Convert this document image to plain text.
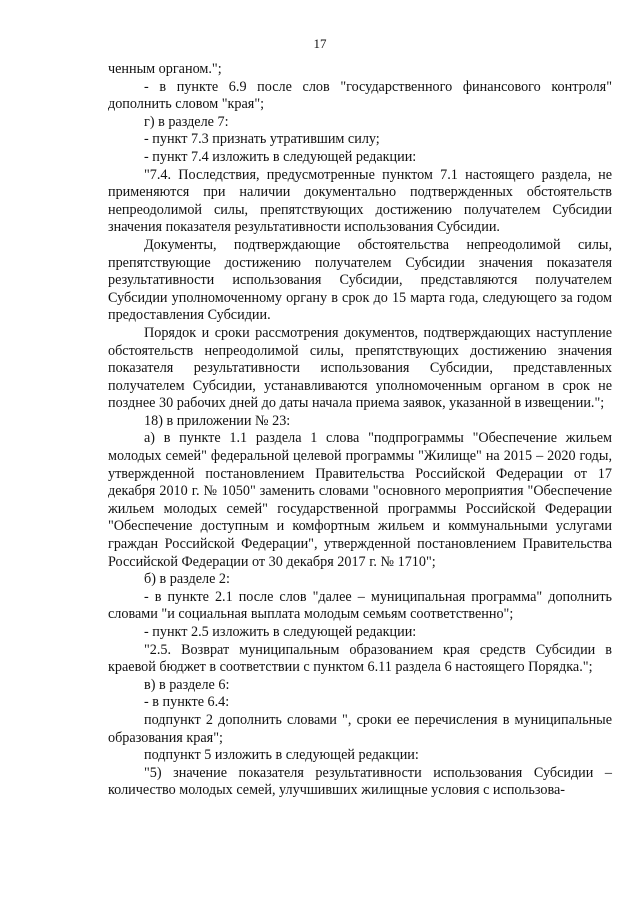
17

ченным органом.";

- в пункте 6.9 после слов "государственного финансового контроля" дополнить словом "края";

г) в разделе 7:

- пункт 7.3 признать утратившим силу;

- пункт 7.4 изложить в следующей редакции:

"7.4. Последствия, предусмотренные пунктом 7.1 настоящего раздела, не применяются при наличии документально подтвержденных обстоятельств непреодолимой силы, препятствующих достижению получателем Субсидии значения показателя результативности использования Субсидии.

Документы, подтверждающие обстоятельства непреодолимой силы, препятствующие достижению получателем Субсидии значения показателя результативности использования Субсидии, представляются получателем Субсидии уполномоченному органу в срок до 15 марта года, следующего за годом предоставления Субсидии.

Порядок и сроки рассмотрения документов, подтверждающих наступление обстоятельств непреодолимой силы, препятствующих достижению значения показателя результативности использования Субсидии, представленных получателем Субсидии, устанавливаются уполномоченным органом в срок не позднее 30 рабочих дней до даты начала приема заявок, указанной в извещении.";

18) в приложении № 23:

а) в пункте 1.1 раздела 1 слова "подпрограммы "Обеспечение жильем молодых семей" федеральной целевой программы "Жилище" на 2015 – 2020 годы, утвержденной постановлением Правительства Российской Федерации от 17 декабря 2010 г. № 1050" заменить словами "основного мероприятия "Обеспечение жильем молодых семей" государственной программы Российской Федерации "Обеспечение доступным и комфортным жильем и коммунальными услугами граждан Российской Федерации", утвержденной постановлением Правительства Российской Федерации от 30 декабря 2017 г. № 1710";

б) в разделе 2:

- в пункте 2.1 после слов "далее – муниципальная программа" дополнить словами "и социальная выплата молодым семьям соответственно";

- пункт 2.5 изложить в следующей редакции:

"2.5. Возврат муниципальным образованием края средств Субсидии в краевой бюджет в соответствии с пунктом 6.11 раздела 6 настоящего Порядка.";

в) в разделе 6:

- в пункте 6.4:

подпункт 2 дополнить словами ", сроки ее перечисления в муниципальные образования края";

подпункт 5 изложить в следующей редакции:

"5) значение показателя результативности использования Субсидии – количество молодых семей, улучшивших жилищные условия с использова-
